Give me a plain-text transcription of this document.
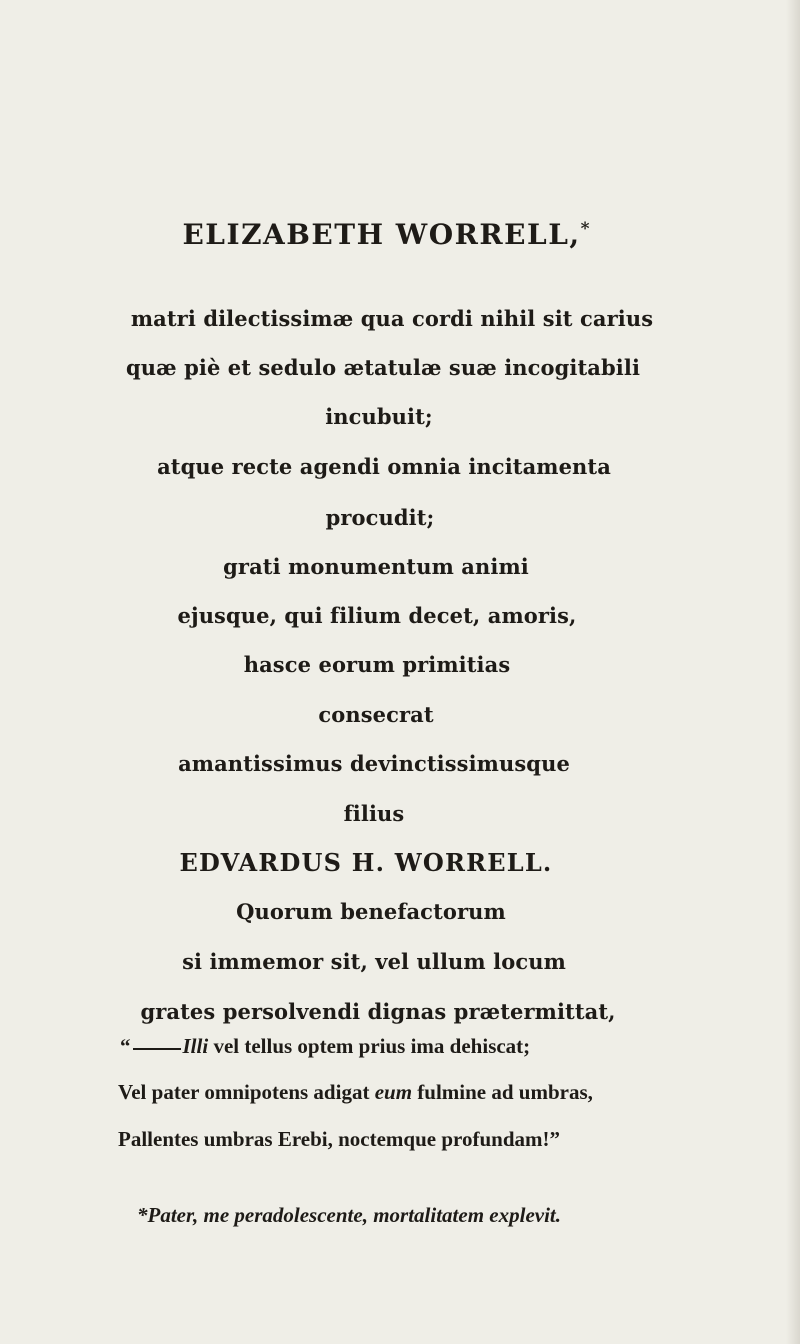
ELIZABETH WORRELL,*
matri dilectissimæ qua cordi nihil sit carius
quæ piè et sedulo ætatulæ suæ incogitabili
incubuit;
atque recte agendi omnia incitamenta
procudit;
grati monumentum animi
ejusque, qui filium decet, amoris,
hasce eorum primitias
consecrat
amantissimus devinctissimusque
filius
EDVARDUS H. WORRELL.
Quorum benefactorum
si immemor sit, vel ullum locum
grates persolvendi dignas prætermittat,
“ Illi vel tellus optem prius ima dehiscat;
Vel pater omnipotens adigat eum fulmine ad umbras,
Pallentes umbras Erebi, noctemque profundam!”
*Pater, me peradolescente, mortalitatem explevit.
